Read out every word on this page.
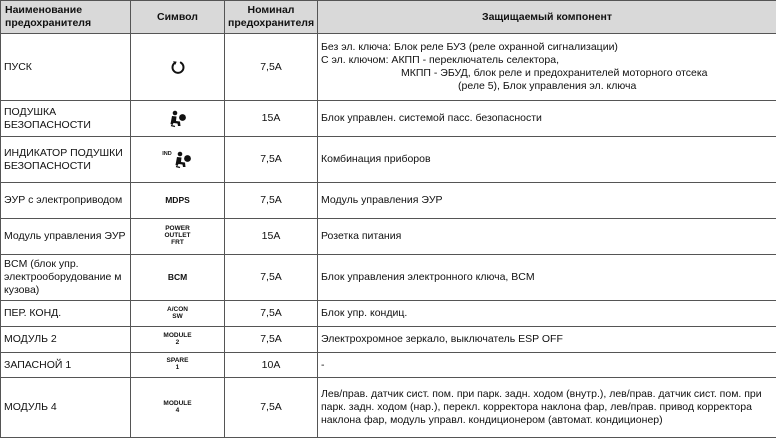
Наименование предохранителя	Символ	Номинал предохранителя	Защищаемый компонент
ПУСК		7,5A	Без эл. ключа: Блок реле БУЗ (реле охранной сигнализации)
С эл. ключом: АКПП - переключатель селектора,
МКПП - ЭБУД, блок реле и предохранителей моторного отсека
(реле 5), Блок управления эл. ключа

ПОДУШКА БЕЗОПАСНОСТИ		15A	Блок управлен. системой пасс. безопасности
ИНДИКАТОР ПОДУШКИ БЕЗОПАСНОСТИ	IND	7,5A	Комбинация приборов
ЭУР с электроприводом	MDPS	7,5A	Модуль управления ЭУР
Модуль управления ЭУР	POWER
OUTLET
FRT	15A	Розетка питания
BCM (блок упр. электрооборудование м кузова)	BCM	7,5A	Блок управления электронного ключа, BCM
ПЕР. КОНД.	A/CON
SW	7,5A	Блок упр. кондиц.
МОДУЛЬ 2	MODULE
2	7,5A	Электрохромное зеркало, выключатель ESP OFF
ЗАПАСНОЙ 1	SPARE
1	10A	-
МОДУЛЬ 4	MODULE
4	7,5A	Лев/прав. датчик сист. пом. при парк. задн. ходом (внутр.), лев/прав. датчик сист. пом. при парк. задн. ходом (нар.), перекл. корректора наклона фар, лев/прав. привод корректора наклона фар, модуль управл. кондиционером (автомат. кондиционер)
